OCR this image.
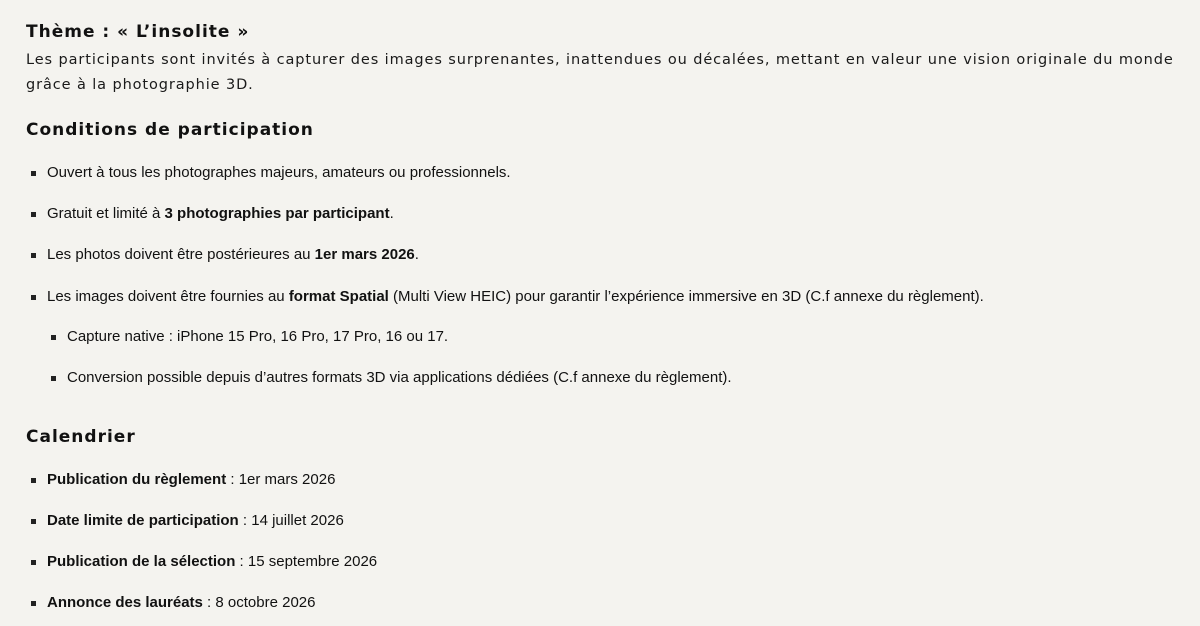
Thème : « L’insolite »

Les participants sont invités à capturer des images surprenantes, inattendues ou décalées, mettant en valeur une vision originale du monde grâce à la photographie 3D.

Conditions de participation
Ouvert à tous les photographes majeurs, amateurs ou professionnels.
Gratuit et limité à 3 photographies par participant.
Les photos doivent être postérieures au 1er mars 2026.
Les images doivent être fournies au format Spatial (Multi View HEIC) pour garantir l’expérience immersive en 3D (C.f annexe du règlement).
Capture native : iPhone 15 Pro, 16 Pro, 17 Pro, 16 ou 17.
Conversion possible depuis d’autres formats 3D via applications dédiées (C.f annexe du règlement).
Calendrier
Publication du règlement : 1er mars 2026
Date limite de participation : 14 juillet 2026
Publication de la sélection : 15 septembre 2026
Annonce des lauréats : 8 octobre 2026
